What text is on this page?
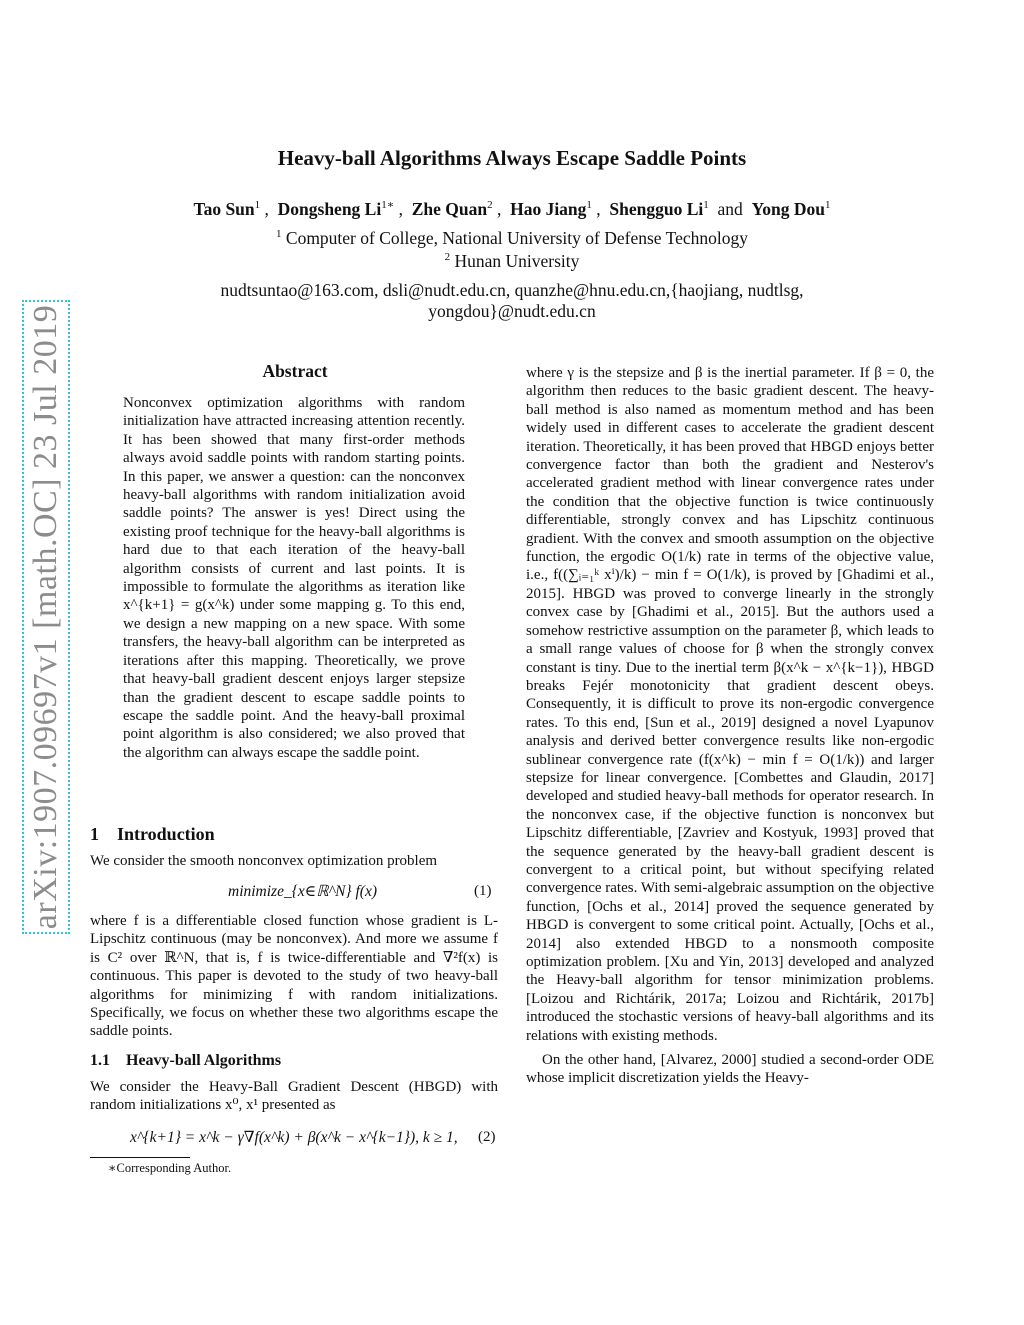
arXiv:1907.09697v1 [math.OC] 23 Jul 2019
Heavy-ball Algorithms Always Escape Saddle Points
Tao Sun$^1$ ,  Dongsheng $Li^{1∗}$ ,  Zhe Quan$^2$ ,  Hao Jiang$^1$ ,  Shengguo Li$^1$ and Yong Dou$^1$
$^1$ Computer of College, National University of Defense Technology
$^2$ Hunan University
nudtsuntao@163.com, dsli@nudt.edu.cn, quanzhe@hnu.edu.cn,{haojiang, nudtlsg,
yongdou}@nudt.edu.cn
Abstract

Nonconvex optimization algorithms with random initialization have attracted increasing attention recently. It has been showed that many first-order methods always avoid saddle points with random starting points. In this paper, we answer a question: can the nonconvex heavy-ball algorithms with random initialization avoid saddle points? The answer is yes! Direct using the existing proof technique for the heavy-ball algorithms is hard due to that each iteration of the heavy-ball algorithm consists of current and last points. It is impossible to formulate the algorithms as iteration like x^{k+1} = g(x^k) under some mapping g. To this end, we design a new mapping on a new space. With some transfers, the heavy-ball algorithm can be interpreted as iterations after this mapping. Theoretically, we prove that heavy-ball gradient descent enjoys larger stepsize than the gradient descent to escape saddle points to escape the saddle point. And the heavy-ball proximal point algorithm is also considered; we also proved that the algorithm can always escape the saddle point.

1 Introduction
We consider the smooth nonconvex optimization problem
minimize_{x∈ℝ^N} f(x)	(1)

where f is a differentiable closed function whose gradient is L-Lipschitz continuous (may be nonconvex). And more we assume f is C² over ℝ^N, that is, f is twice-differentiable and ∇²f(x) is continuous. This paper is devoted to the study of two heavy-ball algorithms for minimizing f with random initializations. Specifically, we focus on whether these two algorithms escape the saddle points.

1.1 Heavy-ball Algorithms

We consider the Heavy-Ball Gradient Descent (HBGD) with random initializations x⁰, x¹ presented as

x^{k+1} = x^k − γ∇f(x^k) + β(x^k − x^{k−1}), k ≥ 1, (2)
∗Corresponding Author.

where γ is the stepsize and β is the inertial parameter. If β = 0, the algorithm then reduces to the basic gradient descent. The heavy-ball method is also named as momentum method and has been widely used in different cases to accelerate the gradient descent iteration. Theoretically, it has been proved that HBGD enjoys better convergence factor than both the gradient and Nesterov's accelerated gradient method with linear convergence rates under the condition that the objective function is twice continuously differentiable, strongly convex and has Lipschitz continuous gradient. With the convex and smooth assumption on the objective function, the ergodic O(1/k) rate in terms of the objective value, i.e., f((∑ᵢ₌₁ᵏ xⁱ)/k) − min f = O(1/k), is proved by [Ghadimi et al., 2015]. HBGD was proved to converge linearly in the strongly convex case by [Ghadimi et al., 2015]. But the authors used a somehow restrictive assumption on the parameter β, which leads to a small range values of choose for β when the strongly convex constant is tiny. Due to the inertial term β(x^k − x^{k−1}), HBGD breaks Fejér monotonicity that gradient descent obeys. Consequently, it is difficult to prove its non-ergodic convergence rates. To this end, [Sun et al., 2019] designed a novel Lyapunov analysis and derived better convergence results like non-ergodic sublinear convergence rate (f(x^k) − min f = O(1/k)) and larger stepsize for linear convergence. [Combettes and Glaudin, 2017] developed and studied heavy-ball methods for operator research. In the nonconvex case, if the objective function is nonconvex but Lipschitz differentiable, [Zavriev and Kostyuk, 1993] proved that the sequence generated by the heavy-ball gradient descent is convergent to a critical point, but without specifying related convergence rates. With semi-algebraic assumption on the objective function, [Ochs et al., 2014] proved the sequence generated by HBGD is convergent to some critical point. Actually, [Ochs et al., 2014] also extended HBGD to a nonsmooth composite optimization problem. [Xu and Yin, 2013] developed and analyzed the Heavy-ball algorithm for tensor minimization problems. [Loizou and Richtárik, 2017a; Loizou and Richtárik, 2017b] introduced the stochastic versions of heavy-ball algorithms and its relations with existing methods.

On the other hand, [Alvarez, 2000] studied a second-order ODE whose implicit discretization yields the Heavy-
